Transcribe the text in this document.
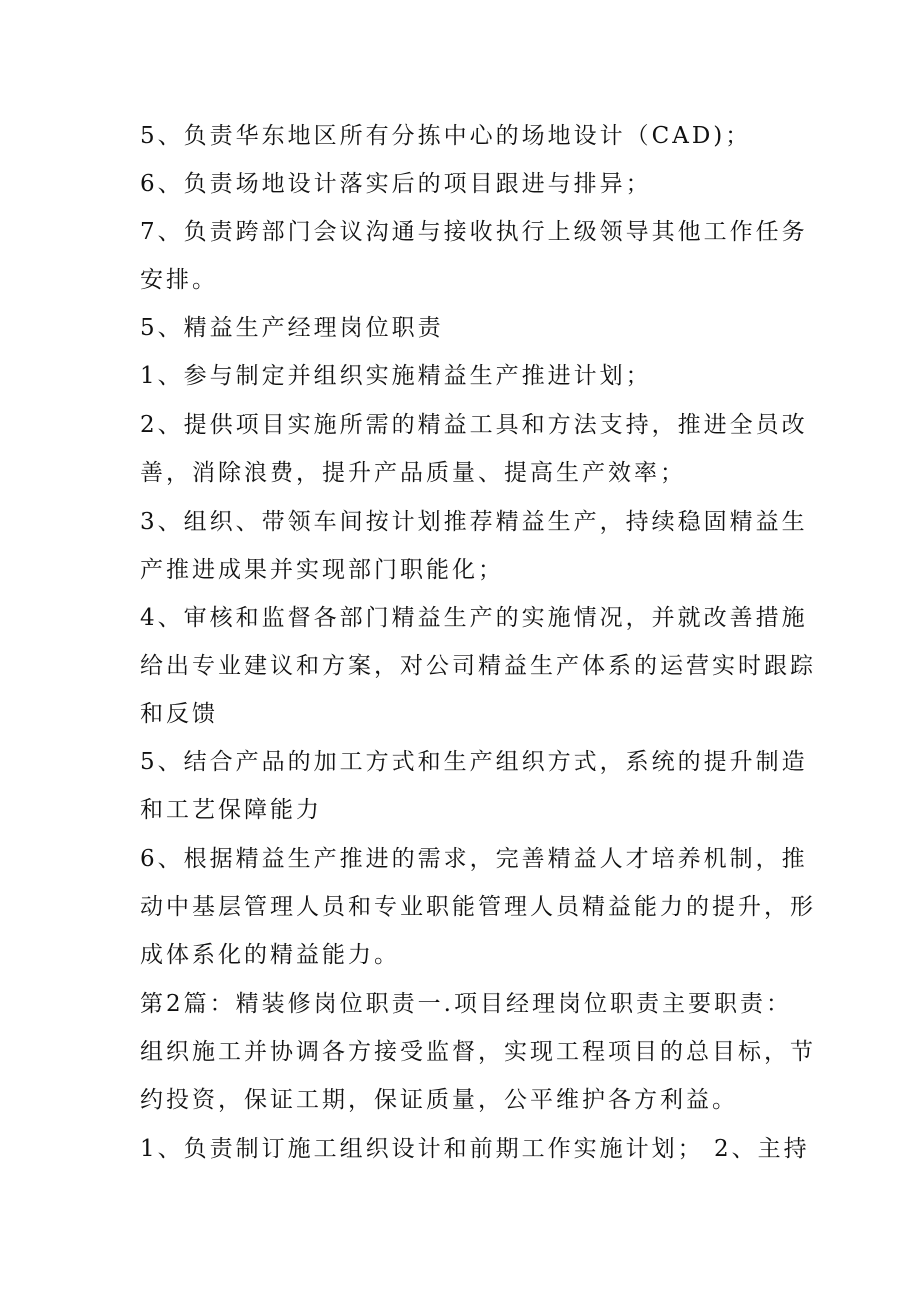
5、负责华东地区所有分拣中心的场地设计（CAD)；
6、负责场地设计落实后的项目跟进与排异；
7、负责跨部门会议沟通与接收执行上级领导其他工作任务
安排。
5、精益生产经理岗位职责
1、参与制定并组织实施精益生产推进计划；
2、提供项目实施所需的精益工具和方法支持，推进全员改
善，消除浪费，提升产品质量、提高生产效率；
3、组织、带领车间按计划推荐精益生产，持续稳固精益生
产推进成果并实现部门职能化；
4、审核和监督各部门精益生产的实施情况，并就改善措施
给出专业建议和方案，对公司精益生产体系的运营实时跟踪
和反馈
5、结合产品的加工方式和生产组织方式，系统的提升制造
和工艺保障能力
6、根据精益生产推进的需求，完善精益人才培养机制，推
动中基层管理人员和专业职能管理人员精益能力的提升，形
成体系化的精益能力。
第2篇：精装修岗位职责一.项目经理岗位职责主要职责：
组织施工并协调各方接受监督，实现工程项目的总目标，节
约投资，保证工期，保证质量，公平维护各方利益。
1、负责制订施工组织设计和前期工作实施计划； 2、主持
